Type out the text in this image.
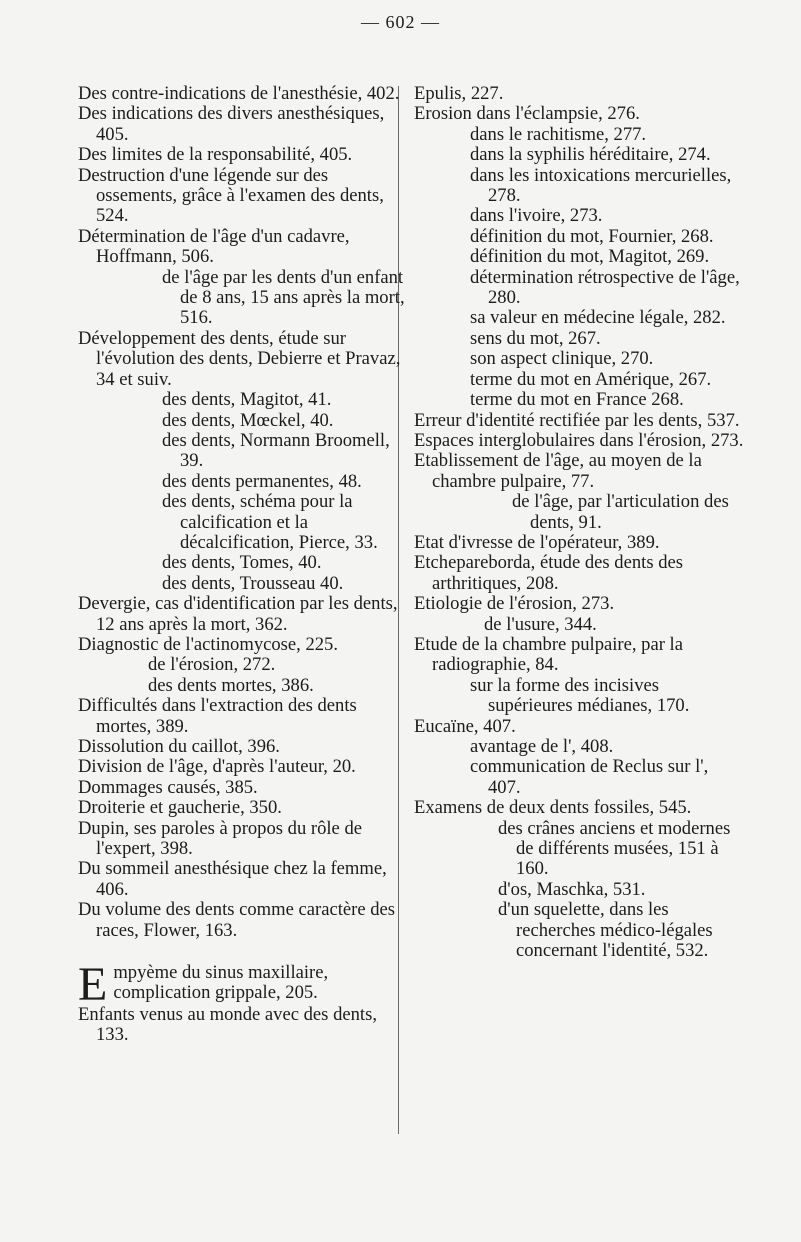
— 602 —

Des contre-indications de l'anesthésie, 402.

Des indications des divers anesthésiques, 405.

Des limites de la responsabilité, 405.

Destruction d'une légende sur des ossements, grâce à l'examen des dents, 524.

Détermination de l'âge d'un cadavre, Hoffmann, 506.

de l'âge par les dents d'un enfant de 8 ans, 15 ans après la mort, 516.

Développement des dents, étude sur l'évolution des dents, Debierre et Pravaz, 34 et suiv.

des dents, Magitot, 41.

des dents, Mœckel, 40.

des dents, Normann Broomell, 39.

des dents permanentes, 48.

des dents, schéma pour la calcification et la décalcification, Pierce, 33.

des dents, Tomes, 40.

des dents, Trousseau 40.

Devergie, cas d'identification par les dents, 12 ans après la mort, 362.

Diagnostic de l'actinomycose, 225.

de l'érosion, 272.

des dents mortes, 386.

Difficultés dans l'extraction des dents mortes, 389.

Dissolution du caillot, 396.

Division de l'âge, d'après l'auteur, 20.

Dommages causés, 385.

Droiterie et gaucherie, 350.

Dupin, ses paroles à propos du rôle de l'expert, 398.

Du sommeil anesthésique chez la femme, 406.

Du volume des dents comme caractère des races, Flower, 163.

Empyème du sinus maxillaire, complication grippale, 205.

Enfants venus au monde avec des dents, 133.

Epulis, 227.

Erosion dans l'éclampsie, 276.

dans le rachitisme, 277.

dans la syphilis héréditaire, 274.

dans les intoxications mercurielles, 278.

dans l'ivoire, 273.

définition du mot, Fournier, 268.

définition du mot, Magitot, 269.

détermination rétrospective de l'âge, 280.

sa valeur en médecine légale, 282.

sens du mot, 267.

son aspect clinique, 270.

terme du mot en Amérique, 267.

terme du mot en France 268.

Erreur d'identité rectifiée par les dents, 537.

Espaces interglobulaires dans l'érosion, 273.

Etablissement de l'âge, au moyen de la chambre pulpaire, 77.

de l'âge, par l'articulation des dents, 91.

Etat d'ivresse de l'opérateur, 389.

Etcheparebordа, étude des dents des arthritiques, 208.

Etiologie de l'érosion, 273.

de l'usure, 344.

Etude de la chambre pulpaire, par la radiographie, 84.

sur la forme des incisives supérieures médianes, 170.

Eucaïne, 407.

avantage de l', 408.

communication de Reclus sur l', 407.

Examens de deux dents fossiles, 545.

des crânes anciens et modernes de différents musées, 151 à 160.

d'os, Maschka, 531.

d'un squelette, dans les recherches médico-légales concernant l'identité, 532.
